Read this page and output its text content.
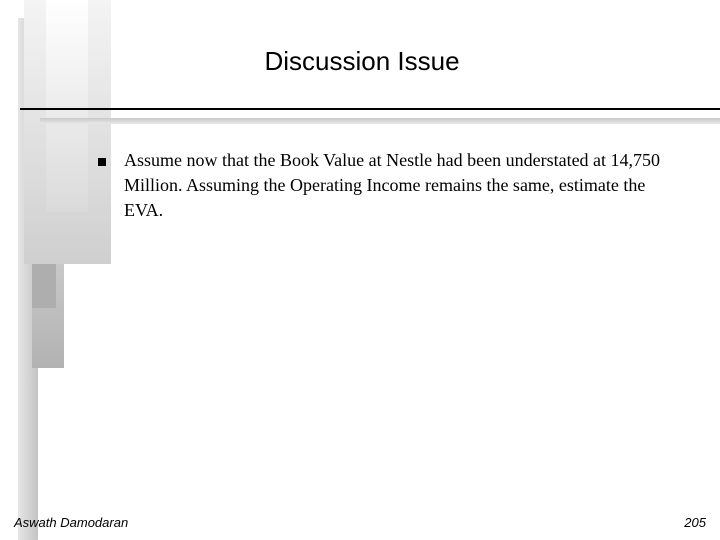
Discussion Issue
Assume now that the Book Value at Nestle had been understated at 14,750 Million. Assuming the Operating Income remains the same, estimate the EVA.
Aswath Damodaran	205
